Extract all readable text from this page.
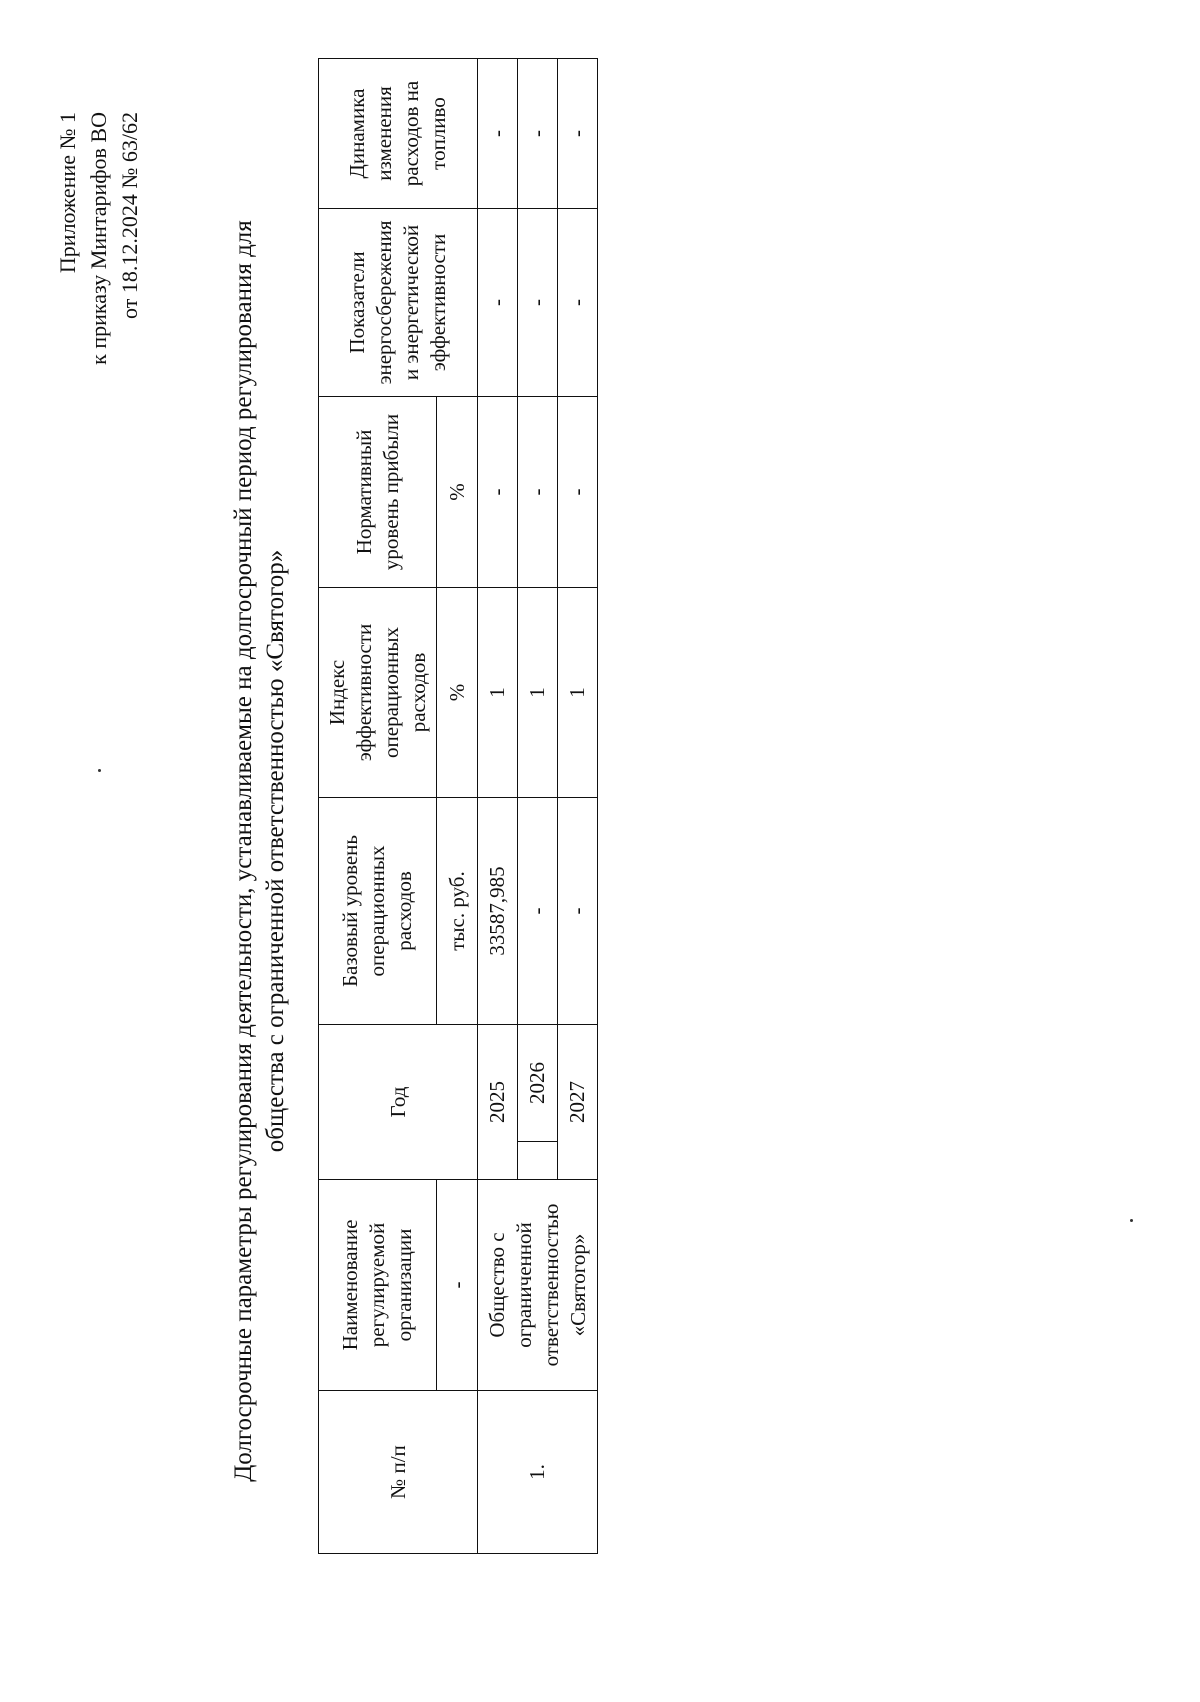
Приложение № 1 к приказу Минтарифов ВО от 18.12.2024 № 63/62
Долгосрочные параметры регулирования деятельности, устанавливаемые на долгосрочный период регулирования для общества с ограниченной ответственностью «Святогор»
№ п/п	Наименование регулируемой организации	Год		Базовый уровень операционных расходов	Индекс эффективности операционных расходов	Нормативный уровень прибыли	Показатели энергосбережения и энергетической эффективности	Динамика изменения расходов на топливо
	-			тыс. руб.	%	%		
1.	Общество с ограниченной ответственностью «Святогор»	2025		33587,985	1	-	-	-
			2026	-	1	-	-	-
		2027		-	1	-	-	-
